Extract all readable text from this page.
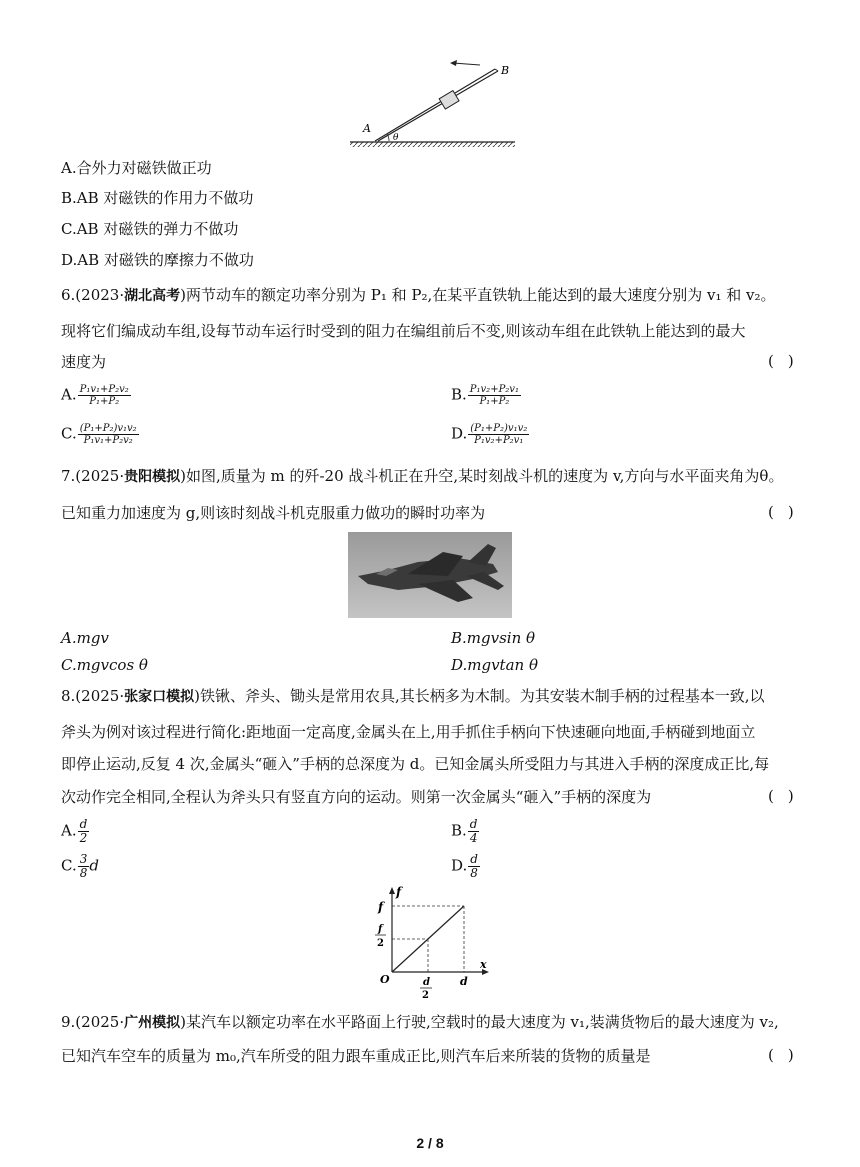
A
B
θ
A.合外力对磁铁做正功
B.AB 对磁铁的作用力不做功
C.AB 对磁铁的弹力不做功
D.AB 对磁铁的摩擦力不做功
6.(2023·湖北高考)两节动车的额定功率分别为 P₁ 和 P₂,在某平直铁轨上能达到的最大速度分别为 v₁ 和 v₂。
现将它们编成动车组,设每节动车运行时受到的阻力在编组前后不变,则该动车组在此铁轨上能达到的最大
速度为	()
A. $\frac{\text{P₁v₁+P₂v₂}}{\text{P₁+P₂}}$	B. $\frac{\text{P₁v₂+P₂v₁}}{\text{P₁+P₂}}$
C. $\frac{\text{(P₁+P₂)v₁v₂}}{\text{P₁v₁+P₂v₂}}$	D. $\frac{\text{(P₁+P₂)v₁v₂}}{\text{P₁v₂+P₂v₁}}$
7.(2025·贵阳模拟)如图,质量为 m 的歼-20 战斗机正在升空,某时刻战斗机的速度为 v,方向与水平面夹角为θ。
已知重力加速度为 g,则该时刻战斗机克服重力做功的瞬时功率为	()
A.mgv	B.mgvsin θ
C.mgvcos θ	D.mgvtan θ
8.(2025·张家口模拟)铁锹、斧头、锄头是常用农具,其长柄多为木制。为其安装木制手柄的过程基本一致,以
斧头为例对该过程进行简化:距地面一定高度,金属头在上,用手抓住手柄向下快速砸向地面,手柄碰到地面立
即停止运动,反复 4 次,金属头“砸入”手柄的总深度为 d。已知金属头所受阻力与其进入手柄的深度成正比,每
次动作完全相同,全程认为斧头只有竖直方向的运动。则第一次金属头“砸入”手柄的深度为	()
A. $\frac{d}{2}$	B. $\frac{d}{4}$
C. $\frac{3}{8}$ d	D. $\frac{d}{8}$
f
x
O
f
f
2
d
2
d
9.(2025·广州模拟)某汽车以额定功率在水平路面上行驶,空载时的最大速度为 v₁,装满货物后的最大速度为 v₂,
已知汽车空车的质量为 m₀,汽车所受的阻力跟车重成正比,则汽车后来所装的货物的质量是	()
2 / 8
